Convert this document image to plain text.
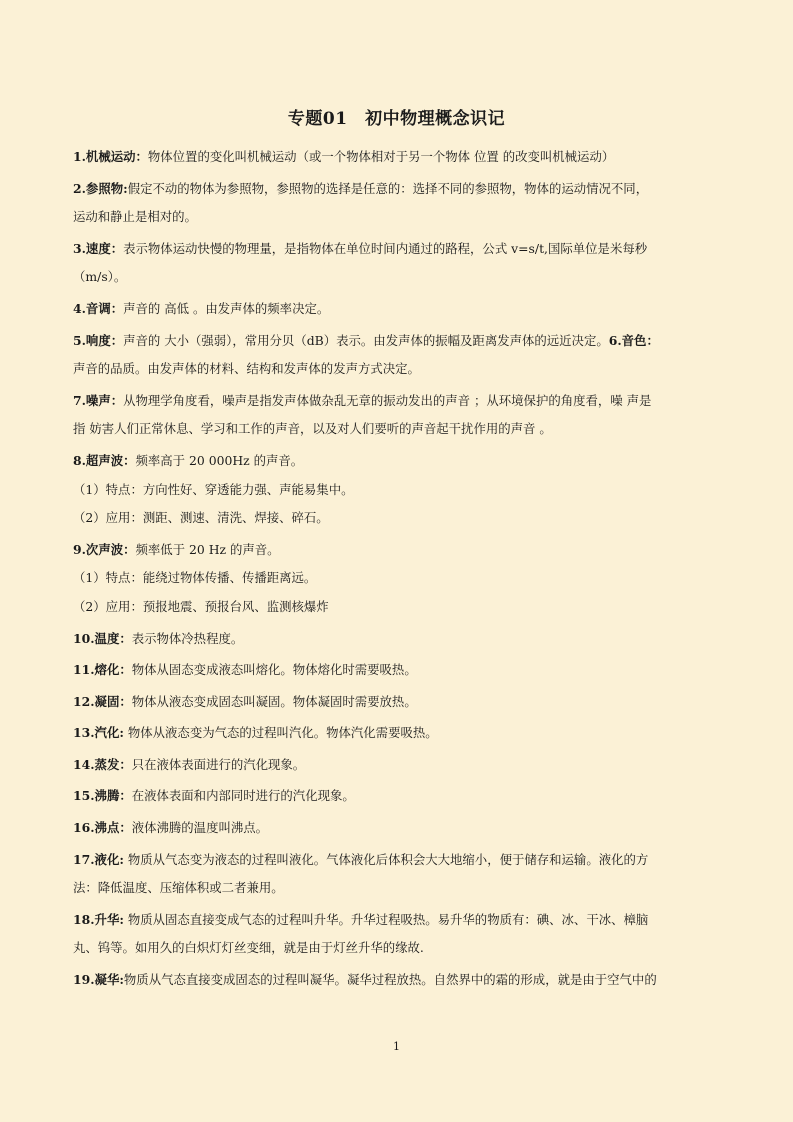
专题01　初中物理概念识记
1.机械运动：物体位置的变化叫机械运动（或一个物体相对于另一个物体 位置 的改变叫机械运动）
2.参照物:假定不动的物体为参照物，参照物的选择是任意的：选择不同的参照物，物体的运动情况不同，
运动和静止是相对的。
3.速度：表示物体运动快慢的物理量，是指物体在单位时间内通过的路程，公式 v=s/t,国际单位是米每秒
（m/s）。
4.音调：声音的 高低 。由发声体的频率决定。
5.响度：声音的 大小（强弱），常用分贝（dB）表示。由发声体的振幅及距离发声体的远近决定。6.音色：
声音的品质。由发声体的材料、结构和发声体的发声方式决定。
7.噪声：从物理学角度看，噪声是指发声体做杂乱无章的振动发出的声音 ；从环境保护的角度看，噪 声是
指 妨害人们正常休息、学习和工作的声音，以及对人们要听的声音起干扰作用的声音 。
8.超声波：频率高于 20 000Hz 的声音。
（1）特点：方向性好、穿透能力强、声能易集中。
（2）应用：测距、测速、清洗、焊接、碎石。
9.次声波：频率低于 20 Hz 的声音。
（1）特点：能绕过物体传播、传播距离远。
（2）应用：预报地震、预报台风、监测核爆炸
10.温度：表示物体冷热程度。
11.熔化：物体从固态变成液态叫熔化。物体熔化时需要吸热。
12.凝固：物体从液态变成固态叫凝固。物体凝固时需要放热。
13.汽化: 物体从液态变为气态的过程叫汽化。物体汽化需要吸热。
14.蒸发：只在液体表面进行的汽化现象。
15.沸腾：在液体表面和内部同时进行的汽化现象。
16.沸点：液体沸腾的温度叫沸点。
17.液化: 物质从气态变为液态的过程叫液化。气体液化后体积会大大地缩小，便于储存和运输。液化的方
法：降低温度、压缩体积或二者兼用。
18.升华: 物质从固态直接变成气态的过程叫升华。升华过程吸热。易升华的物质有：碘、冰、干冰、樟脑
丸、钨等。如用久的白炽灯灯丝变细，就是由于灯丝升华的缘故.
19.凝华:物质从气态直接变成固态的过程叫凝华。凝华过程放热。自然界中的霜的形成，就是由于空气中的
1
